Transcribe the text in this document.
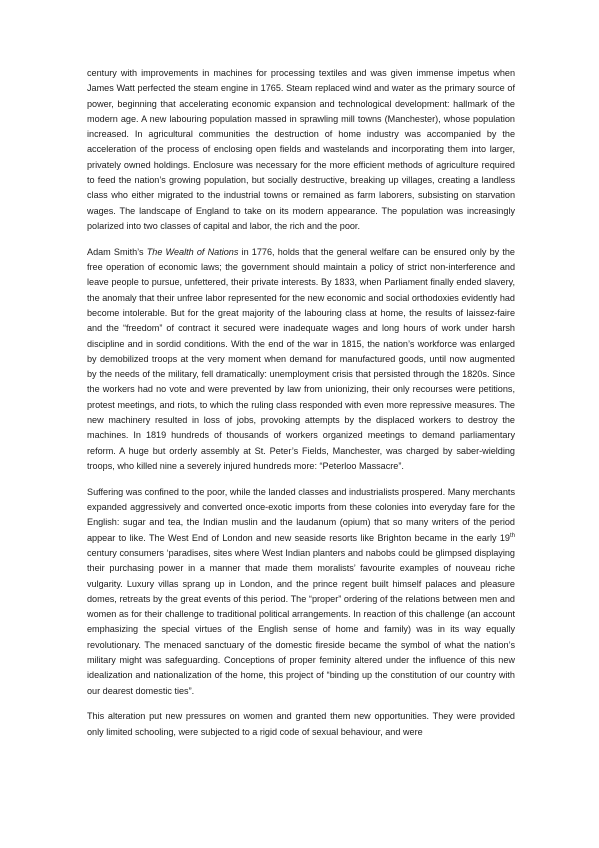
century with improvements in machines for processing textiles and was given immense impetus when James Watt perfected the steam engine in 1765. Steam replaced wind and water as the primary source of power, beginning that accelerating economic expansion and technological development: hallmark of the modern age. A new labouring population massed in sprawling mill towns (Manchester), whose population increased. In agricultural communities the destruction of home industry was accompanied by the acceleration of the process of enclosing open fields and wastelands and incorporating them into larger, privately owned holdings. Enclosure was necessary for the more efficient methods of agriculture required to feed the nation’s growing population, but socially destructive, breaking up villages, creating a landless class who either migrated to the industrial towns or remained as farm laborers, subsisting on starvation wages. The landscape of England to take on its modern appearance. The population was increasingly polarized into two classes of capital and labor, the rich and the poor.

Adam Smith’s The Wealth of Nations in 1776, holds that the general welfare can be ensured only by the free operation of economic laws; the government should maintain a policy of strict non-interference and leave people to pursue, unfettered, their private interests. By 1833, when Parliament finally ended slavery, the anomaly that their unfree labor represented for the new economic and social orthodoxies evidently had become intolerable. But for the great majority of the labouring class at home, the results of laissez-faire and the “freedom” of contract it secured were inadequate wages and long hours of work under harsh discipline and in sordid conditions. With the end of the war in 1815, the nation’s workforce was enlarged by demobilized troops at the very moment when demand for manufactured goods, until now augmented by the needs of the military, fell dramatically: unemployment crisis that persisted through the 1820s. Since the workers had no vote and were prevented by law from unionizing, their only recourses were petitions, protest meetings, and riots, to which the ruling class responded with even more repressive measures. The new machinery resulted in loss of jobs, provoking attempts by the displaced workers to destroy the machines. In 1819 hundreds of thousands of workers organized meetings to demand parliamentary reform. A huge but orderly assembly at St. Peter’s Fields, Manchester, was charged by saber-wielding troops, who killed nine a severely injured hundreds more: “Peterloo Massacre”.

Suffering was confined to the poor, while the landed classes and industrialists prospered. Many merchants expanded aggressively and converted once-exotic imports from these colonies into everyday fare for the English: sugar and tea, the Indian muslin and the laudanum (opium) that so many writers of the period appear to like. The West End of London and new seaside resorts like Brighton became in the early 19th century consumers ‘paradises, sites where West Indian planters and nabobs could be glimpsed displaying their purchasing power in a manner that made them moralists’ favourite examples of nouveau riche vulgarity. Luxury villas sprang up in London, and the prince regent built himself palaces and pleasure domes, retreats by the great events of this period. The “proper” ordering of the relations between men and women as for their challenge to traditional political arrangements. In reaction of this challenge (an account emphasizing the special virtues of the English sense of home and family) was in its way equally revolutionary. The menaced sanctuary of the domestic fireside became the symbol of what the nation’s military might was safeguarding. Conceptions of proper feminity altered under the influence of this new idealization and nationalization of the home, this project of “binding up the constitution of our country with our dearest domestic ties”.

This alteration put new pressures on women and granted them new opportunities. They were provided only limited schooling, were subjected to a rigid code of sexual behaviour, and were
